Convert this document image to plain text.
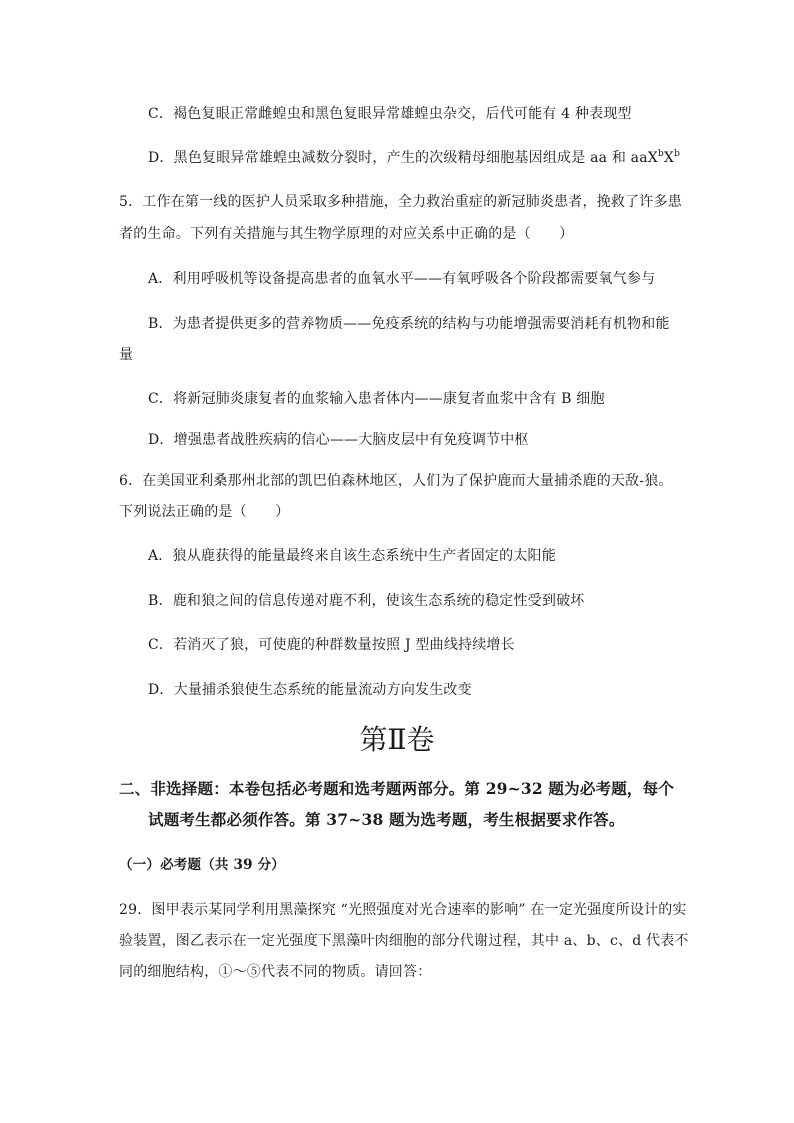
C．褐色复眼正常雌蝗虫和黑色复眼异常雄蝗虫杂交，后代可能有 4 种表现型
D．黑色复眼异常雄蝗虫减数分裂时，产生的次级精母细胞基因组成是 aa 和 $aaX^bX^b$
5．工作在第一线的医护人员采取多种措施，全力救治重症的新冠肺炎患者，挽救了许多患
者的生命。下列有关措施与其生物学原理的对应关系中正确的是（　　）
A．利用呼吸机等设备提高患者的血氧水平——有氧呼吸各个阶段都需要氧气参与
B．为患者提供更多的营养物质——免疫系统的结构与功能增强需要消耗有机物和能
量
C．将新冠肺炎康复者的血浆输入患者体内——康复者血浆中含有 B 细胞
D．增强患者战胜疾病的信心——大脑皮层中有免疫调节中枢
6．在美国亚利桑那州北部的凯巴伯森林地区，人们为了保护鹿而大量捕杀鹿的天敌-狼。
下列说法正确的是（　　）
A．狼从鹿获得的能量最终来自该生态系统中生产者固定的太阳能
B．鹿和狼之间的信息传递对鹿不利，使该生态系统的稳定性受到破坏
C．若消灭了狼，可使鹿的种群数量按照 J 型曲线持续增长
D．大量捕杀狼使生态系统的能量流动方向发生改变
第Ⅱ卷
二、非选择题：本卷包括必考题和选考题两部分。第 29~32 题为必考题，每个
试题考生都必须作答。第 37~38 题为选考题，考生根据要求作答。
（一）必考题（共 39 分）
29．图甲表示某同学利用黑藻探究 “光照强度对光合速率的影响” 在一定光强度所设计的实
验装置，图乙表示在一定光强度下黑藻叶肉细胞的部分代谢过程，其中 a、b、c、d 代表不
同的细胞结构，①～⑤代表不同的物质。请回答：
